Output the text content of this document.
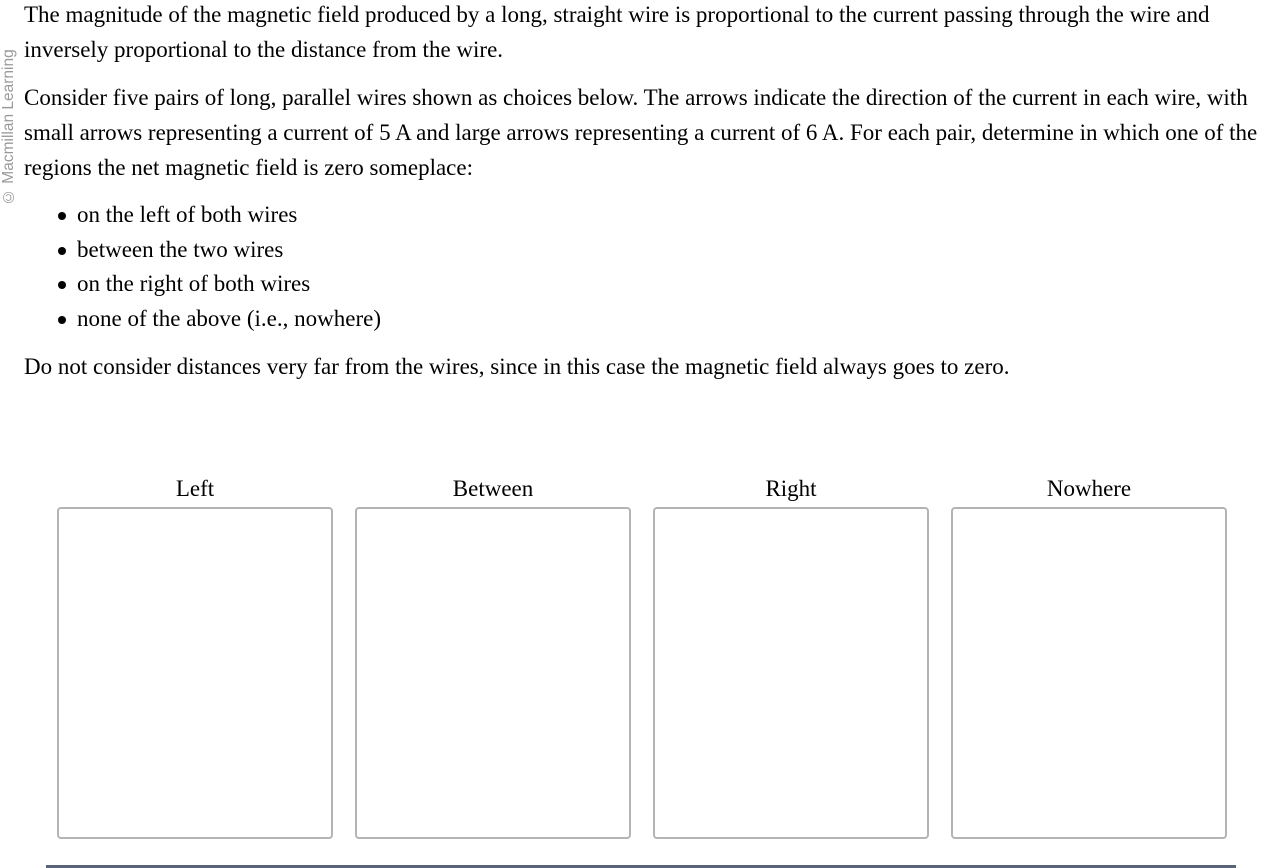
© Macmillan Learning

The magnitude of the magnetic field produced by a long, straight wire is proportional to the current passing through the wire and inversely proportional to the distance from the wire.

Consider five pairs of long, parallel wires shown as choices below. The arrows indicate the direction of the current in each wire, with small arrows representing a current of 5 A and large arrows representing a current of 6 A. For each pair, determine in which one of the regions the net magnetic field is zero someplace:

on the left of both wires
between the two wires
on the right of both wires
none of the above (i.e., nowhere)

Do not consider distances very far from the wires, since in this case the magnetic field always goes to zero.

Left	Between	Right	Nowhere
